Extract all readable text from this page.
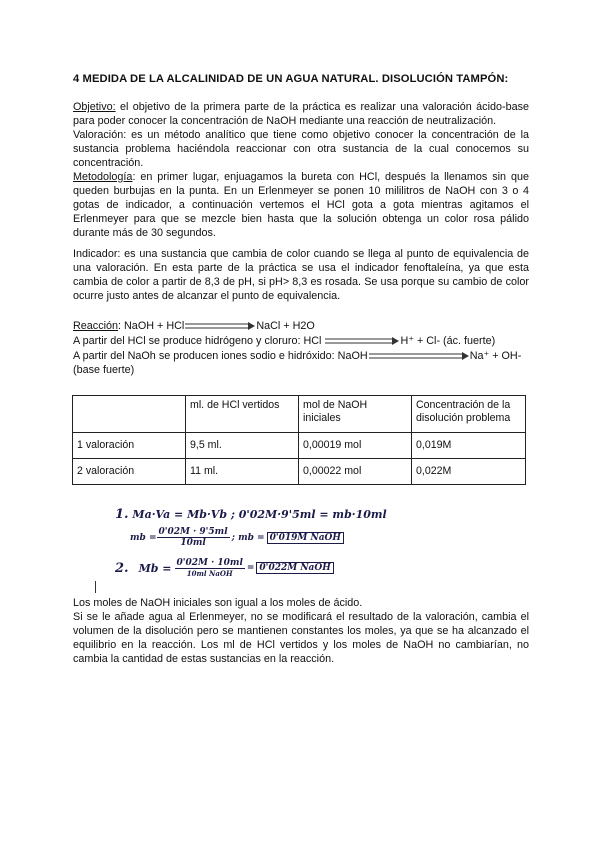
4 MEDIDA DE LA ALCALINIDAD DE UN AGUA NATURAL. DISOLUCIÓN TAMPÓN:
Objetivo: el objetivo de la primera parte de la práctica es realizar una valoración ácido-base para poder conocer la concentración de NaOH mediante una reacción de neutralización.
Valoración: es un método analítico que tiene como objetivo conocer la concentración de la sustancia problema haciéndola reaccionar con otra sustancia de la cual conocemos su concentración.
Metodología: en primer lugar, enjuagamos la bureta con HCl, después la llenamos sin que queden burbujas en la punta. En un Erlenmeyer se ponen 10 mililitros de NaOH con 3 o 4 gotas de indicador, a continuación vertemos el HCl gota a gota mientras agitamos el Erlenmeyer para que se mezcle bien hasta que la solución obtenga un color rosa pálido durante más de 30 segundos.
Indicador: es una sustancia que cambia de color cuando se llega al punto de equivalencia de una valoración. En esta parte de la práctica se usa el indicador fenoftaleína, ya que esta cambia de color a partir de 8,3 de pH, si pH> 8,3 es rosada. Se usa porque su cambio de color ocurre justo antes de alcanzar el punto de equivalencia.
Reacción: NaOH + HCl	NaCl + H2O
A partir del HCl se produce hidrógeno y cloruro: HCl	H⁺ + Cl- (ác. fuerte)
A partir del NaOh se producen iones sodio e hidróxido: NaOH	Na⁺ + OH-
(base fuerte)
	ml. de HCl vertidos	mol de NaOH iniciales	Concentración de la disolución problema
1 valoración	9,5 ml.	0,00019 mol	0,019M
2 valoración	11 ml.	0,00022 mol	0,022M
1. Ma·Va = Mb·Vb ; 0'02M·9'5ml = mb·10ml
mb = $\frac{0'02M \cdot 9'5ml}{10ml}$ ; mb = 0'019M NaOH
2. Mb = 0'02M · 10ml
10ml NaOH
= 0'022M NaOH
Los moles de NaOH iniciales son igual a los moles de ácido.
Si se le añade agua al Erlenmeyer, no se modificará el resultado de la valoración, cambia el volumen de la disolución pero se mantienen constantes los moles, ya que se ha alcanzado el equilibrio en la reacción. Los ml de HCl vertidos y los moles de NaOH no cambiarían, no cambia la cantidad de estas sustancias en la reacción.
